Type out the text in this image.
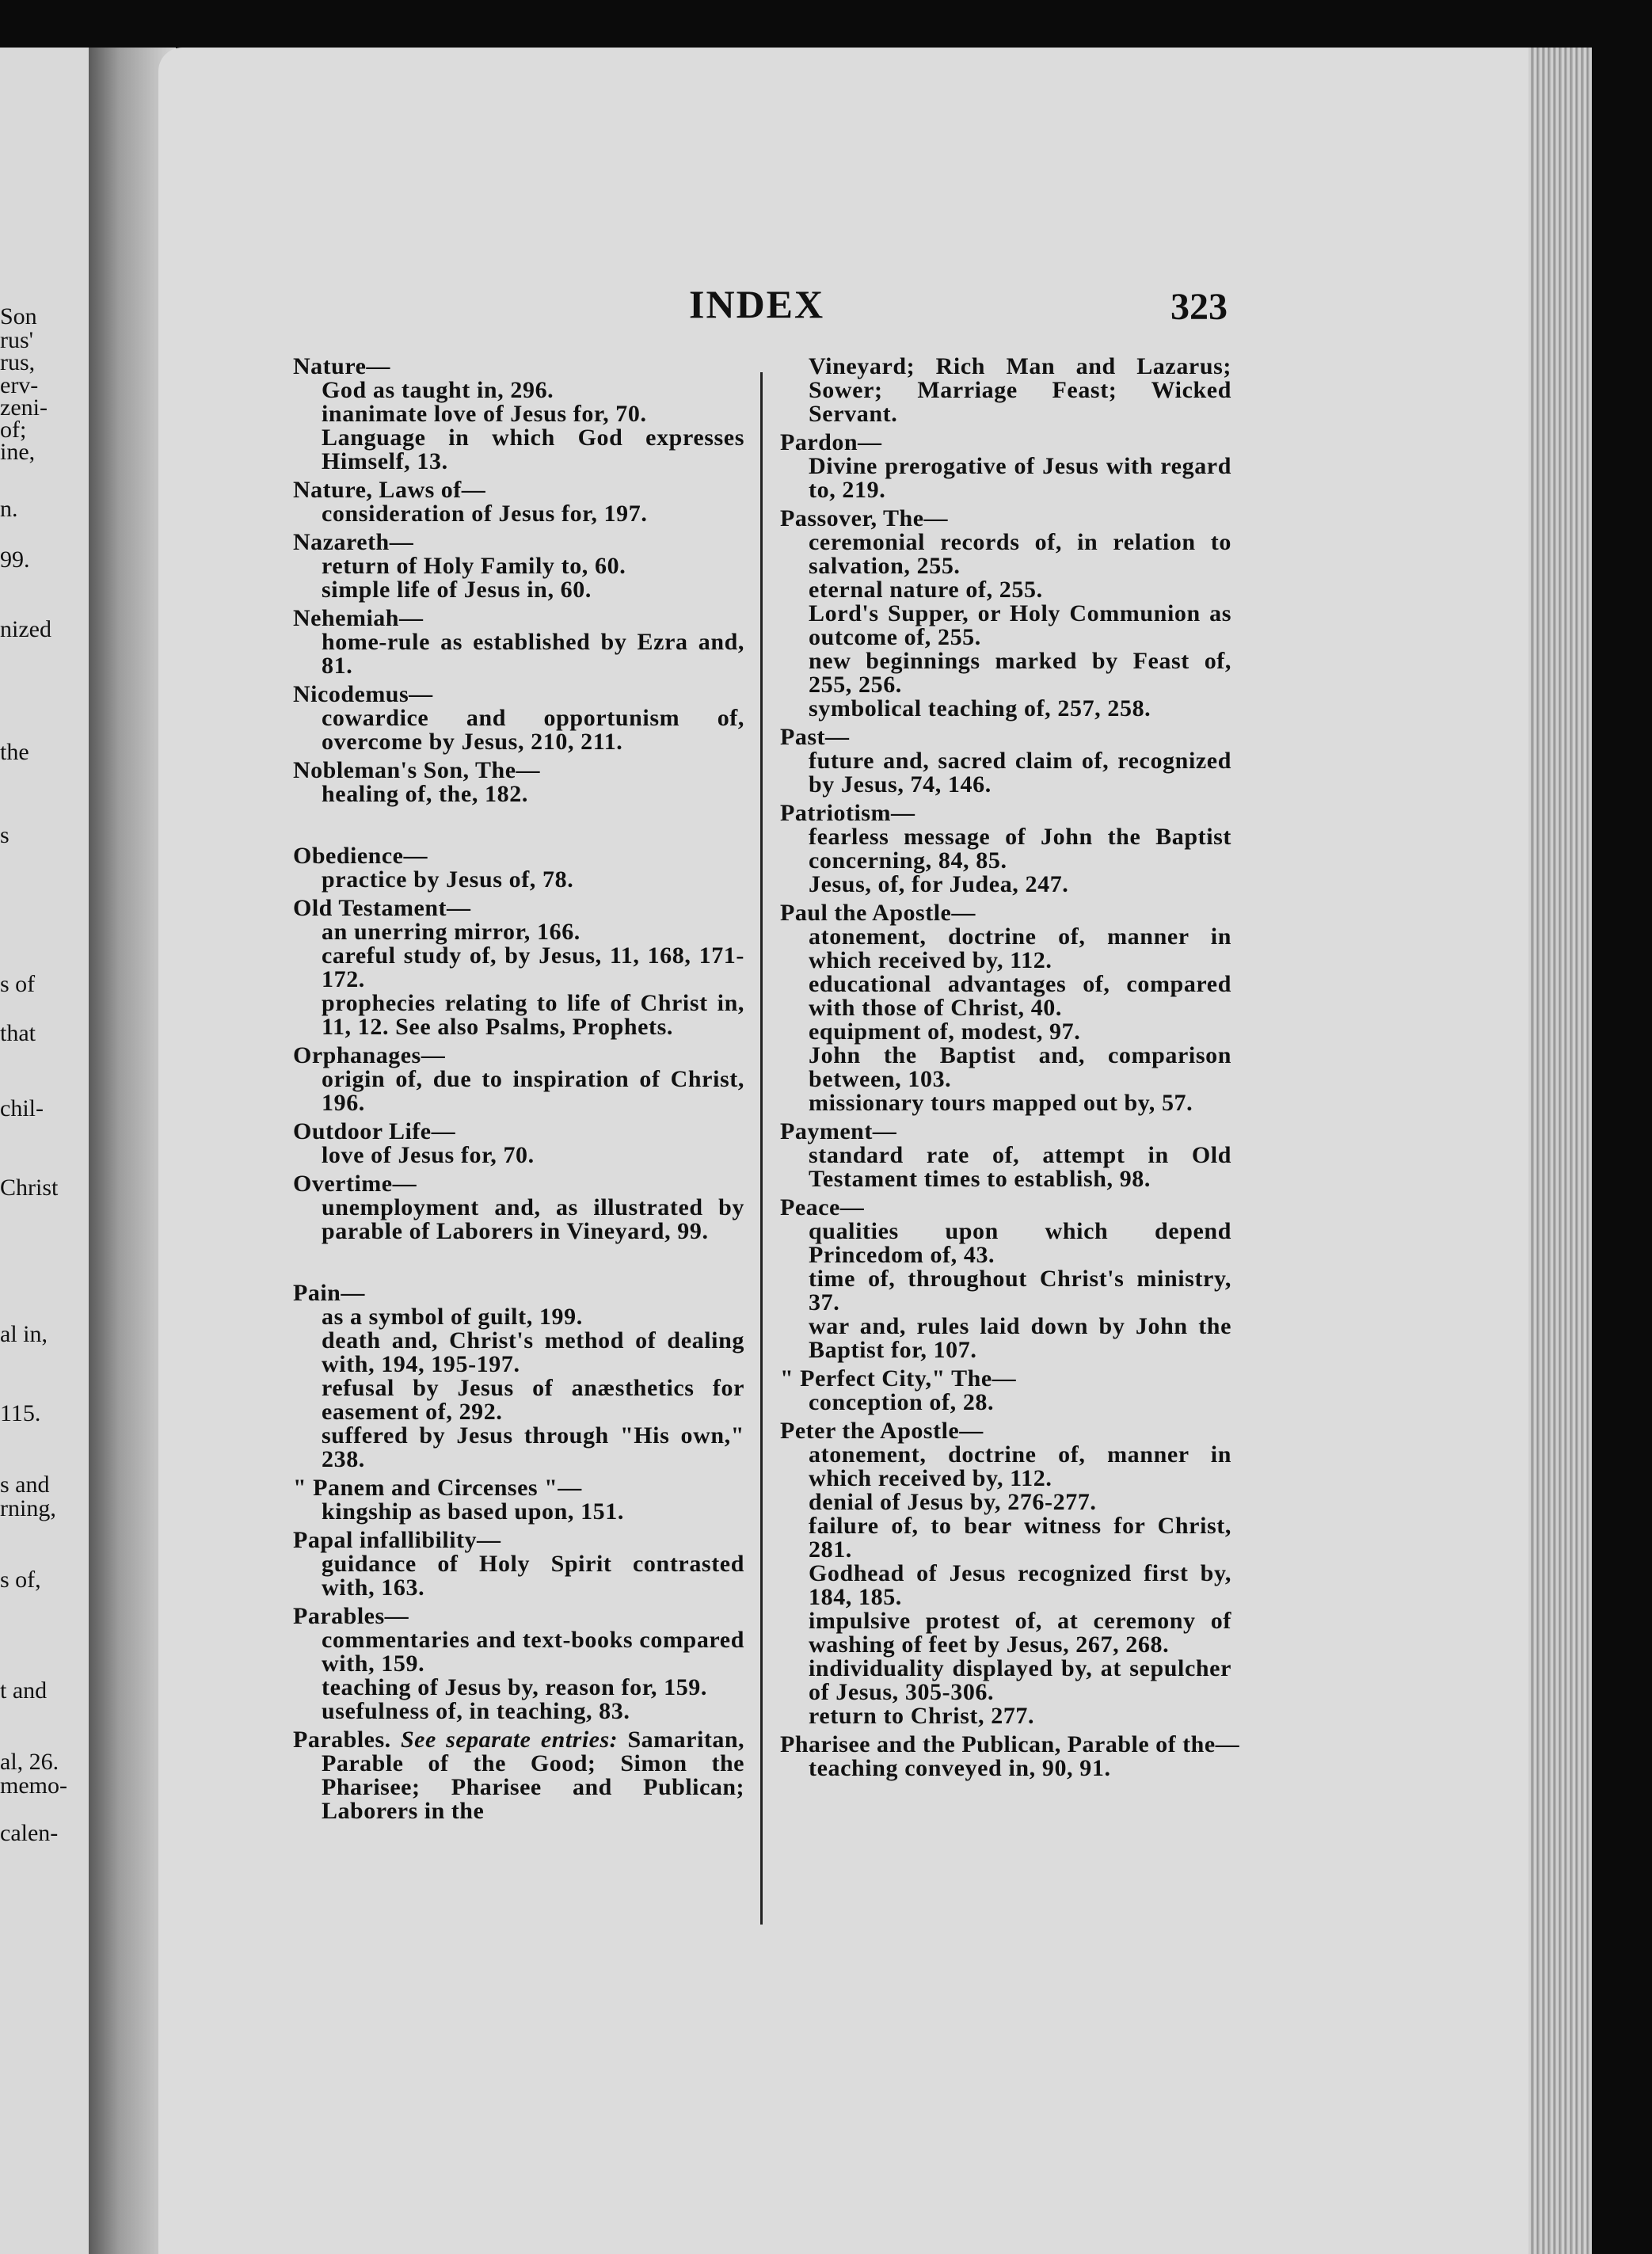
Son
rus'
rus,
erv-
zeni-
of;
ine,
n.
99.
nized
the
s
s of
that
chil-
Christ
al in,
115.
s and
rning,
s of,
t and
al, 26.
memo-
calen-
INDEX	323
Nature—
God as taught in, 296.
inanimate love of Jesus for, 70.
Language in which God expresses Himself, 13.
Nature, Laws of—
consideration of Jesus for, 197.
Nazareth—
return of Holy Family to, 60.
simple life of Jesus in, 60.
Nehemiah—
home-rule as established by Ezra and, 81.
Nicodemus—
cowardice and opportunism of, overcome by Jesus, 210, 211.
Nobleman's Son, The—
healing of, the, 182.
Obedience—
practice by Jesus of, 78.
Old Testament—
an unerring mirror, 166.
careful study of, by Jesus, 11, 168, 171-172.
prophecies relating to life of Christ in, 11, 12. See also Psalms, Prophets.
Orphanages—
origin of, due to inspiration of Christ, 196.
Outdoor Life—
love of Jesus for, 70.
Overtime—
unemployment and, as illustrated by parable of Laborers in Vineyard, 99.
Pain—
as a symbol of guilt, 199.
death and, Christ's method of dealing with, 194, 195-197.
refusal by Jesus of anæsthetics for easement of, 292.
suffered by Jesus through "His own," 238.
" Panem and Circenses "—
kingship as based upon, 151.
Papal infallibility—
guidance of Holy Spirit contrasted with, 163.
Parables—
commentaries and text-books compared with, 159.
teaching of Jesus by, reason for, 159.
usefulness of, in teaching, 83.
Parables. See separate entries: Samaritan, Parable of the Good; Simon the Pharisee; Pharisee and Publican; Laborers in the
Vineyard; Rich Man and Lazarus; Sower; Marriage Feast; Wicked Servant.
Pardon—
Divine prerogative of Jesus with regard to, 219.
Passover, The—
ceremonial records of, in relation to salvation, 255.
eternal nature of, 255.
Lord's Supper, or Holy Communion as outcome of, 255.
new beginnings marked by Feast of, 255, 256.
symbolical teaching of, 257, 258.
Past—
future and, sacred claim of, recognized by Jesus, 74, 146.
Patriotism—
fearless message of John the Baptist concerning, 84, 85.
Jesus, of, for Judea, 247.
Paul the Apostle—
atonement, doctrine of, manner in which received by, 112.
educational advantages of, compared with those of Christ, 40.
equipment of, modest, 97.
John the Baptist and, comparison between, 103.
missionary tours mapped out by, 57.
Payment—
standard rate of, attempt in Old Testament times to establish, 98.
Peace—
qualities upon which depend Princedom of, 43.
time of, throughout Christ's ministry, 37.
war and, rules laid down by John the Baptist for, 107.
" Perfect City," The—
conception of, 28.
Peter the Apostle—
atonement, doctrine of, manner in which received by, 112.
denial of Jesus by, 276-277.
failure of, to bear witness for Christ, 281.
Godhead of Jesus recognized first by, 184, 185.
impulsive protest of, at ceremony of washing of feet by Jesus, 267, 268.
individuality displayed by, at sepulcher of Jesus, 305-306.
return to Christ, 277.
Pharisee and the Publican, Parable of the—
teaching conveyed in, 90, 91.
